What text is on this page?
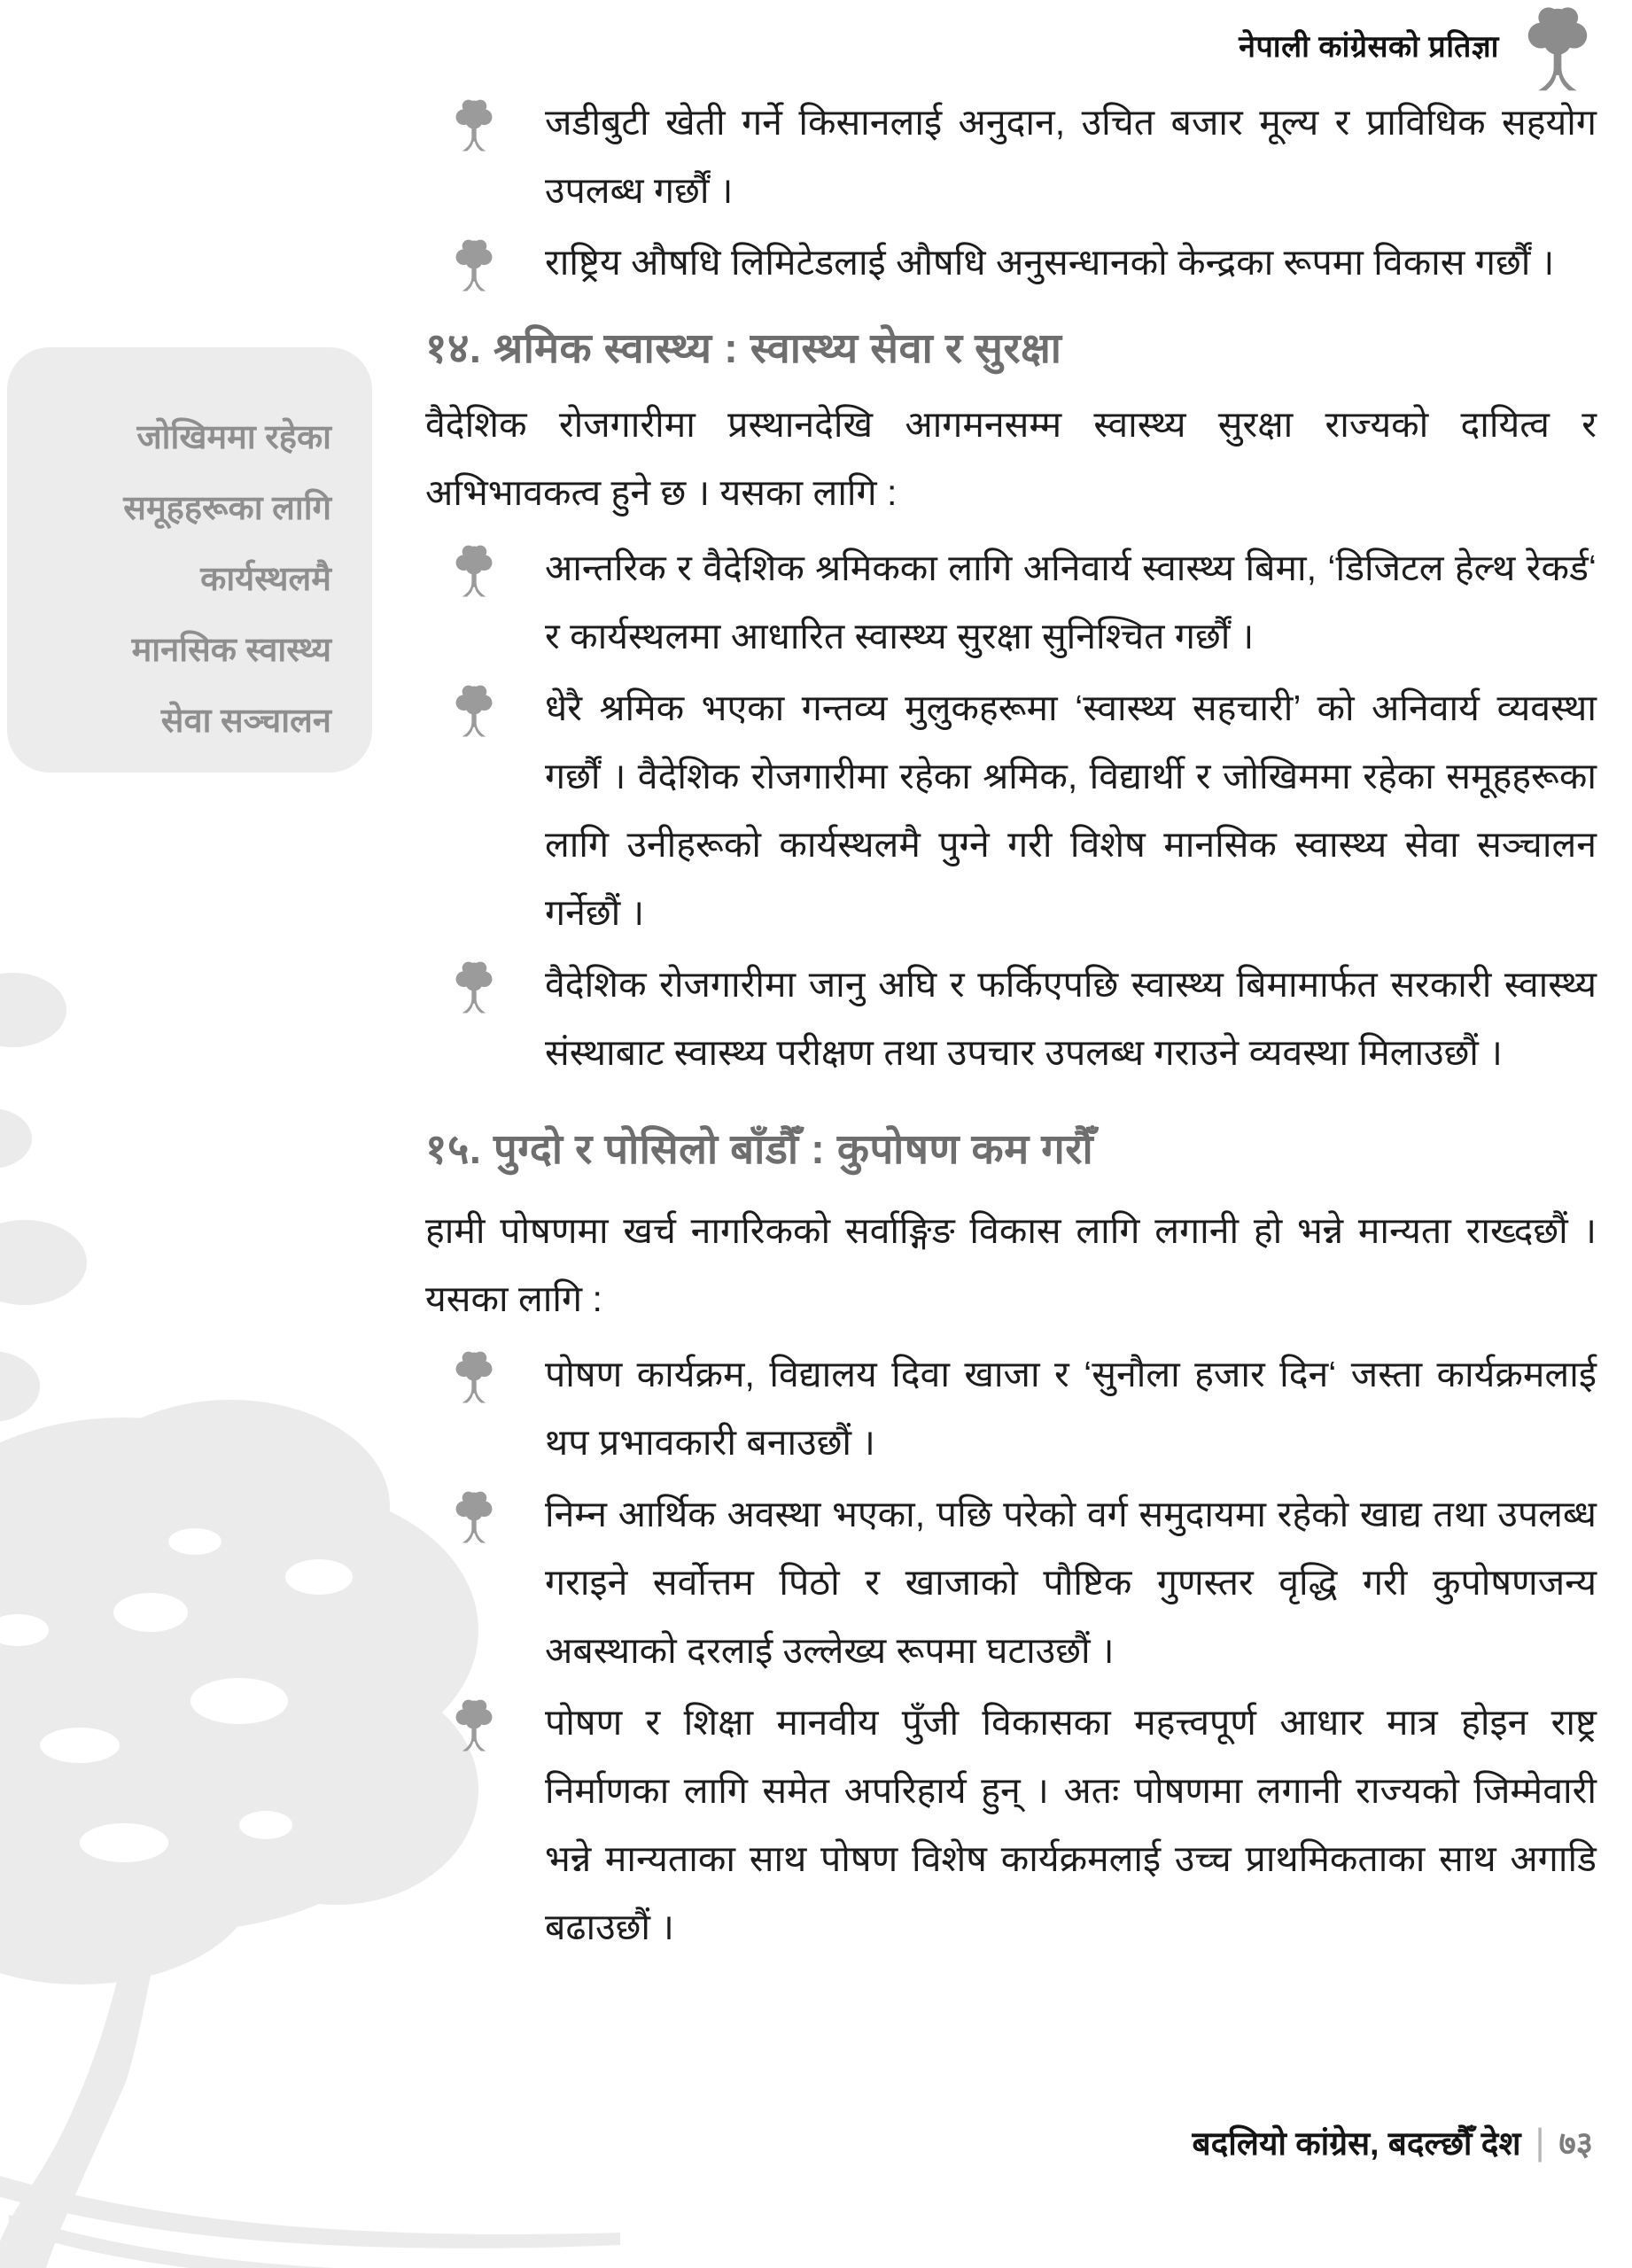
नेपाली कांग्रेसको प्रतिज्ञा
जोखिममा रहेका
समूहहरूका लागि
कार्यस्थलमै
मानसिक स्वास्थ्य
सेवा सञ्चालन
जडीबुटी खेती गर्ने किसानलाई अनुदान, उचित बजार मूल्य र प्राविधिक सहयोग उपलब्ध गर्छौं ।
राष्ट्रिय औषधि लिमिटेडलाई औषधि अनुसन्धानको केन्द्रका रूपमा विकास गर्छौं ।
१४. श्रमिक स्वास्थ्य : स्वास्थ्य सेवा र सुरक्षा

वैदेशिक रोजगारीमा प्रस्थानदेखि आगमनसम्म स्वास्थ्य सुरक्षा राज्यको दायित्व र अभिभावकत्व हुने छ । यसका लागि :

आन्तरिक र वैदेशिक श्रमिकका लागि अनिवार्य स्वास्थ्य बिमा, ‘डिजिटल हेल्थ रेकर्ड‘ र कार्यस्थलमा आधारित स्वास्थ्य सुरक्षा सुनिश्चित गर्छौं ।
धेरै श्रमिक भएका गन्तव्य मुलुकहरूमा ‘स्वास्थ्य सहचारी’ को अनिवार्य व्यवस्था गर्छौं । वैदेशिक रोजगारीमा रहेका श्रमिक, विद्यार्थी र जोखिममा रहेका समूहहरूका लागि उनीहरूको कार्यस्थलमै पुग्ने गरी विशेष मानसिक स्वास्थ्य सेवा सञ्चालन गर्नेछौं ।
वैदेशिक रोजगारीमा जानु अघि र फर्किएपछि स्वास्थ्य बिमामार्फत सरकारी स्वास्थ्य संस्थाबाट स्वास्थ्य परीक्षण तथा उपचार उपलब्ध गराउने व्यवस्था मिलाउछौं ।
१५. पुग्दो र पोसिलो बाँडौँ : कुपोषण कम गरौँ

हामी पोषणमा खर्च नागरिकको सर्वाङ्गिङ विकास लागि लगानी हो भन्ने मान्यता राख्दछौं । यसका लागि :

पोषण कार्यक्रम, विद्यालय दिवा खाजा र ‘सुनौला हजार दिन‘ जस्ता कार्यक्रमलाई थप प्रभावकारी बनाउछौं ।
निम्न आर्थिक अवस्था भएका, पछि परेको वर्ग समुदायमा रहेको खाद्य तथा उपलब्ध गराइने सर्वोत्तम पिठो र खाजाको पौष्टिक गुणस्तर वृद्धि गरी कुपोषणजन्य अबस्थाको दरलाई उल्लेख्य रूपमा घटाउछौं ।
पोषण र शिक्षा मानवीय पुँजी विकासका महत्त्वपूर्ण आधार मात्र होइन राष्ट्र निर्माणका लागि समेत अपरिहार्य हुन् । अतः पोषणमा लगानी राज्यको जिम्मेवारी भन्ने मान्यताका साथ पोषण विशेष कार्यक्रमलाई उच्च प्राथमिकताका साथ अगाडि बढाउछौं ।
बदलियो कांग्रेस, बदल्छौँ देश | ७३
